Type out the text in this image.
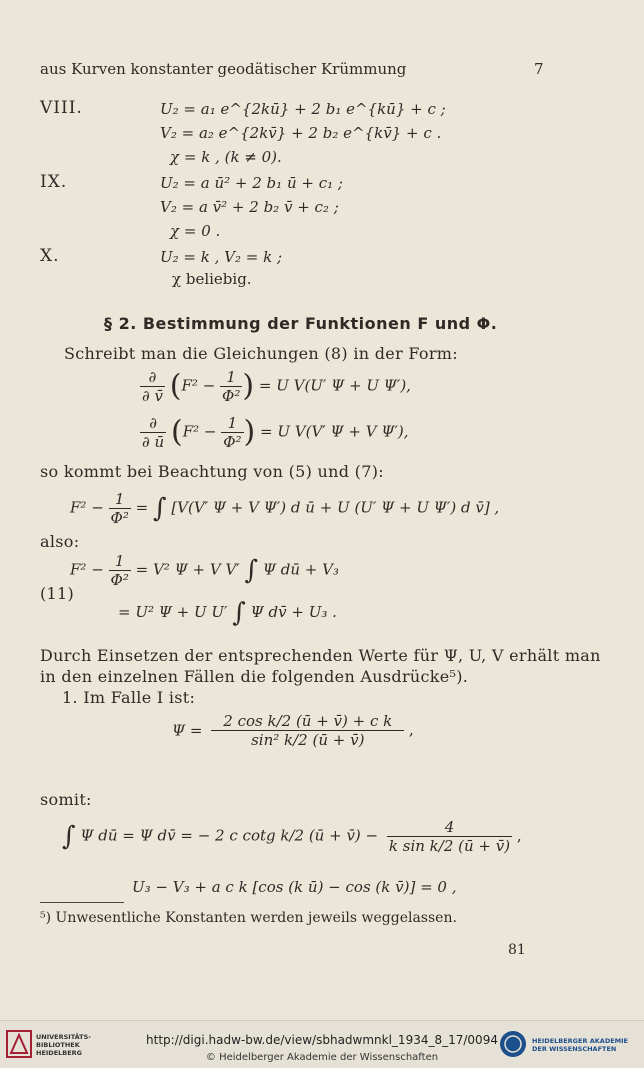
aus Kurven konstanter geodätischer Krümmung	7
VIII.	U₂ = a₁ e^{2kū} + 2 b₁ e^{kū} + c ;
V₂ = a₂ e^{2kv̄} + 2 b₂ e^{kv̄} + c .
χ = k , (k ≠ 0).
IX.	U₂ = a ū² + 2 b₁ ū + c₁ ;
V₂ = a v̄² + 2 b₂ v̄ + c₂ ;
χ = 0 .
X.	U₂ = k , V₂ = k ;
χ beliebig.
§ 2. Bestimmung der Funktionen F und Φ.
Schreibt man die Gleichungen (8) in der Form:
$\frac{\partial}{\partial v̄} (F^2 - \frac{1}{\text{Φ²}}$ ) = U V(U′ Ψ + U Ψ′),
$\frac{\partial}{\partial ū} (F^2 - \frac{1}{\text{Φ²}}$ ) = U V(V′ Ψ + V Ψ′),
so kommt bei Beachtung von (5) und (7):
$F^2 - \frac{1}{\text{Φ²}}$ = ∫ [V(V′ Ψ + V Ψ′) d ū + U (U′ Ψ + U Ψ′) d v̄] ,
also:
$F^2 - \frac{1}{\text{Φ²}} = V^2$ Ψ + V V′ ∫ Ψ dū + V₃
(11)
= U² Ψ + U U′ ∫ Ψ dv̄ + U₃ .
Durch Einsetzen der entsprechenden Werte für Ψ, U, V erhält man
in den einzelnen Fällen die folgenden Ausdrücke⁵).
1. Im Falle I ist:
$\Psi = \frac{\text{2 cos k/2 (ū + v̄) + c k}}{\text{sin² k/2 (ū + v̄)}}$ ,
somit:
∫ Ψ dū = Ψ dv̄ = − 2 c cotg k/2 (ū + v̄) − $\frac{4}{\text{k sin k/2 (ū + v̄)}}$ ,
U₃ − V₃ + a c k [cos (k ū) − cos (k v̄)] = 0 ,
⁵) Unwesentliche Konstanten werden jeweils weggelassen.
81
UNIVERSITÄTS-
BIBLIOTHEK
HEIDELBERG
http://digi.hadw-bw.de/view/sbhadwmnkl_1934_8_17/0094
© Heidelberger Akademie der Wissenschaften
HEIDELBERGER AKADEMIE
DER WISSENSCHAFTEN
